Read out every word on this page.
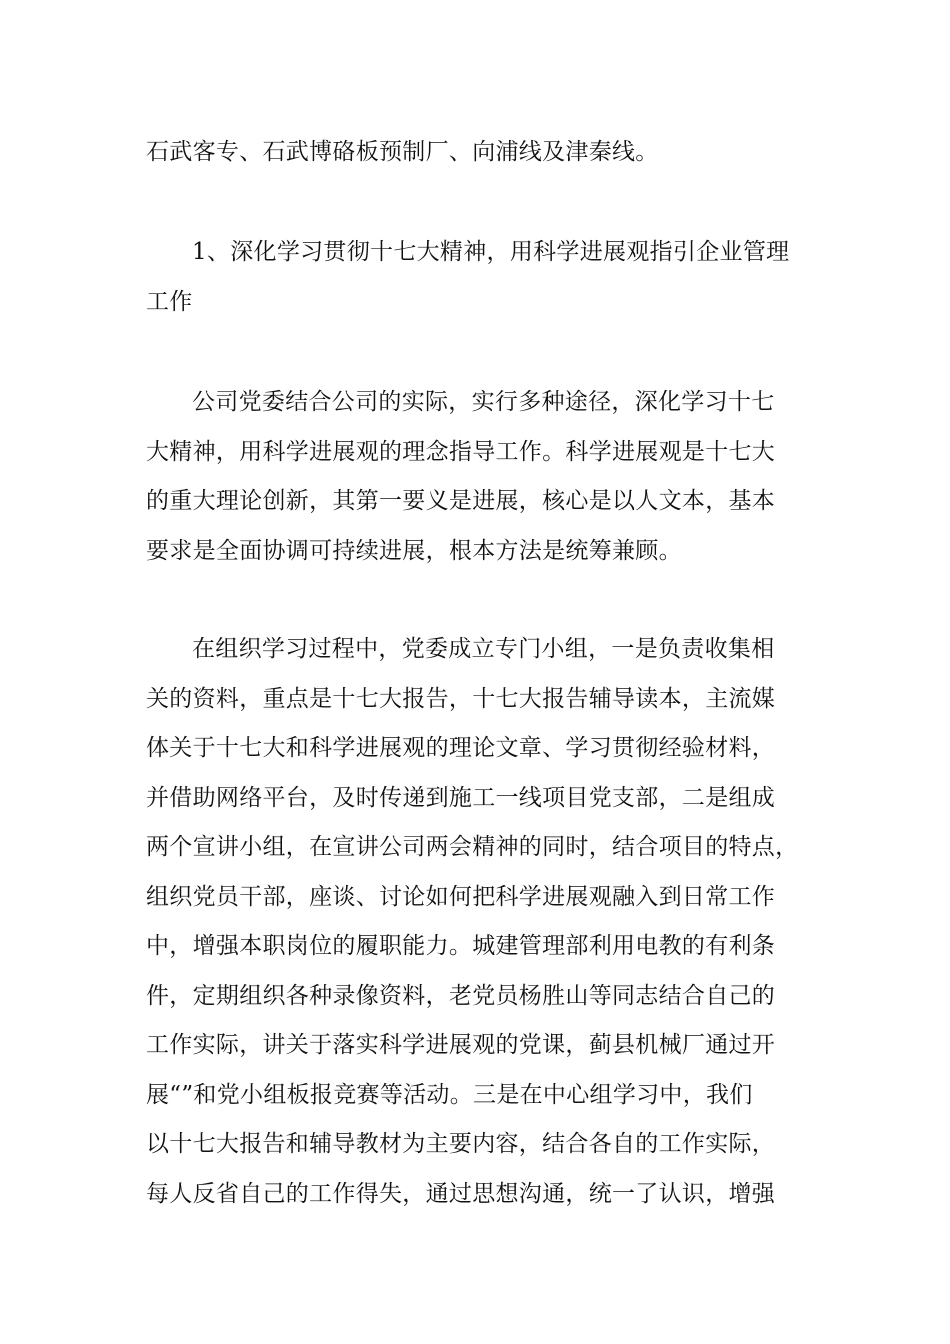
石武客专、石武博硌板预制厂、向浦线及津秦线。
1、深化学习贯彻十七大精神，用科学进展观指引企业管理
工作
公司党委结合公司的实际，实行多种途径，深化学习十七
大精神，用科学进展观的理念指导工作。科学进展观是十七大
的重大理论创新，其第一要义是进展，核心是以人文本，基本
要求是全面协调可持续进展，根本方法是统筹兼顾。
在组织学习过程中，党委成立专门小组，一是负责收集相
关的资料，重点是十七大报告，十七大报告辅导读本，主流媒
体关于十七大和科学进展观的理论文章、学习贯彻经验材料，
并借助网络平台，及时传递到施工一线项目党支部，二是组成
两个宣讲小组，在宣讲公司两会精神的同时，结合项目的特点，
组织党员干部，座谈、讨论如何把科学进展观融入到日常工作
中，增强本职岗位的履职能力。城建管理部利用电教的有利条
件，定期组织各种录像资料，老党员杨胜山等同志结合自己的
工作实际，讲关于落实科学进展观的党课，蓟县机械厂通过开
展“”和党小组板报竞赛等活动。三是在中心组学习中，我们
以十七大报告和辅导教材为主要内容，结合各自的工作实际，
每人反省自己的工作得失，通过思想沟通，统一了认识，增强
